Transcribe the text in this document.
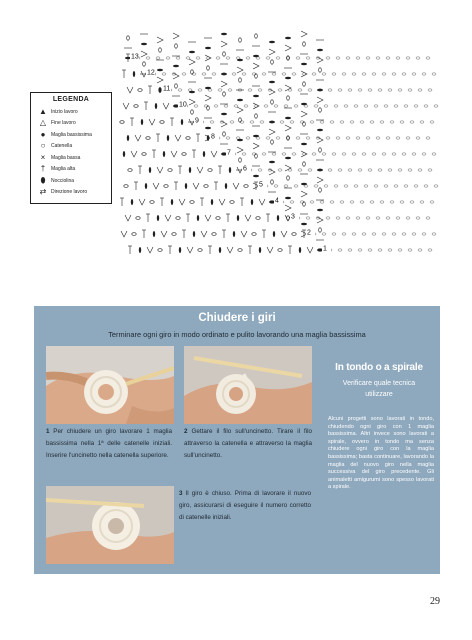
13
12
11
10
9
8
7
6
5
4
3
2
1
LEGENDA
▲ Inizio lavoro
△ Fine lavoro
●	Maglia bassissima
○	Catenella
×	Maglia bassa
†	Maglia alta
⬮	Nocciolina
⇄ Direzione lavoro
Chiudere i giri
Terminare ogni giro in modo ordinato e pulito lavorando una maglia bassissima
1 Per chiudere un giro lavorare 1 maglia bassissima nella 1ª delle catenelle iniziali. Inserire l'uncinetto nella catenella superiore.
2 Gettare il filo sull'uncinetto. Tirare il filo attraverso la catenella e attraverso la maglia sull'uncinetto.
3 Il giro è chiuso. Prima di lavorare il nuovo giro, assicurarsi di eseguire il numero corretto di catenelle iniziali.
In tondo o a spirale
Verificare quale tecnica utilizzare
Alcuni progetti sono lavorati in tondo, chiudendo ogni giro con 1 maglia bassissima. Altri invece sono lavorati a spirale, ovvero in tondo ma senza chiudere ogni giro con la maglia bassissima; basta continuare, lavorando la maglia del nuovo giro nella maglia successiva del giro precedente. Gli animaletti amigurumi sono spesso lavorati a spirale.
29
